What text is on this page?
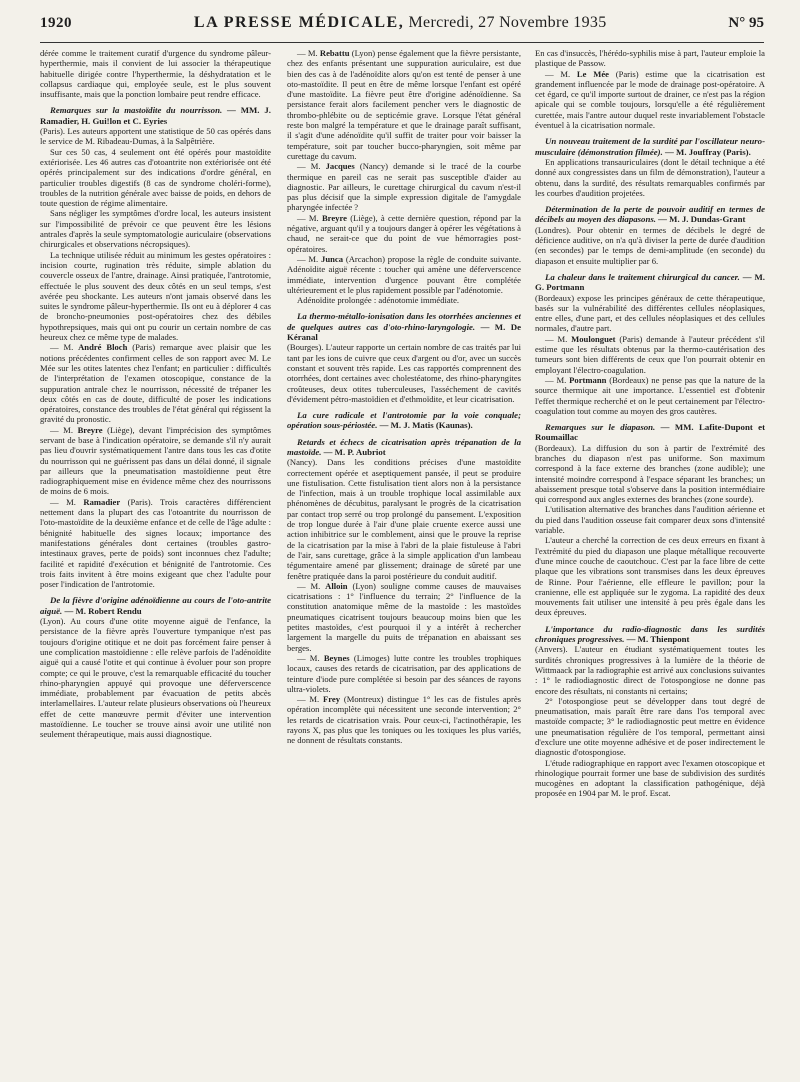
1920	LA PRESSE MÉDICALE, Mercredi, 27 Novembre 1935	N° 95

dérée comme le traitement curatif d'urgence du syndrome pâleur-hyperthermie, mais il convient de lui associer la thérapeutique habituelle dirigée contre l'hyperthermie, la déshydratation et le collapsus cardiaque qui, employée seule, est le plus souvent insuffisante, mais que la ponction lombaire peut rendre efficace.

Remarques sur la mastoïdite du nourrisson. — MM. J. Ramadier, H. Gui!lon et C. Eyries

(Paris). Les auteurs apportent une statistique de 50 cas opérés dans le service de M. Ribadeau-Dumas, à la Salpêtrière.

Sur ces 50 cas, 4 seulement ont été opérés pour mastoïdite extériorisée. Les 46 autres cas d'otoantrite non extériorisée ont été opérés principalement sur des indications d'ordre général, en particulier troubles digestifs (8 cas de syndrome choléri-forme), troubles de la nutrition générale avec baisse de poids, en dehors de toute question de régime alimentaire.

Sans négliger les symptômes d'ordre local, les auteurs insistent sur l'impossibilité de prévoir ce que peuvent être les lésions antrales d'après la seule symptomatologie auriculaire (observations chirurgicales et observations nécropsiques).

La technique utilisée réduit au minimum les gestes opératoires : incision courte, rugination très réduite, simple ablation du couvercle osseux de l'antre, drainage. Ainsi pratiquée, l'antrotomie, effectuée le plus souvent des deux côtés en un seul temps, s'est avérée peu shockante. Les auteurs n'ont jamais observé dans les suites le syndrome pâleur-hyperthermie. Ils ont eu à déplorer 4 cas de broncho-pneumonies post-opératoires chez des débiles hypothrepsiques, mais qui ont pu courir un certain nombre de cas heureux chez ce même type de malades.

— M. André Bloch (Paris) remarque avec plaisir que les notions précédentes confirment celles de son rapport avec M. Le Mée sur les otites latentes chez l'enfant; en particulier : difficultés de l'interprétation de l'examen otoscopique, constance de la suppuration antrale chez le nourrisson, nécessité de trépaner les deux côtés en cas de doute, difficulté de poser les indications opératoires, constance des troubles de l'état général qui régissent la gravité du pronostic.

— M. Breyre (Liège), devant l'imprécision des symptômes servant de base à l'indication opératoire, se demande s'il n'y aurait pas lieu d'ouvrir systématiquement l'antre dans tous les cas d'otite du nourrisson qui ne guérissent pas dans un délai donné, il signale par ailleurs que la pneumatisation mastoïdienne peut être radiographiquement mise en évidence même chez des nourrissons de moins de 6 mois.

— M. Ramadier (Paris). Trois caractères différencient nettement dans la plupart des cas l'otoantrite du nourrisson de l'oto-mastoïdite de la deuxième enfance et de celle de l'âge adulte : bénignité habituelle des signes locaux; importance des manifestations générales dont certaines (troubles gastro-intestinaux graves, perte de poids) sont inconnues chez l'adulte; facilité et rapidité d'exécution et bénignité de l'antrotomie. Ces trois faits invitent à être moins exigeant que chez l'adulte pour poser l'indication de l'antrotomie.

De la fièvre d'origine adénoïdienne au cours de l'oto-antrite aiguë. — M. Robert Rendu

(Lyon). Au cours d'une otite moyenne aiguë de l'enfance, la persistance de la fièvre après l'ouverture tympanique n'est pas toujours d'origine otitique et ne doit pas forcément faire penser à une complication mastoïdienne : elle relève parfois de l'adénoïdite aiguë qui a causé l'otite et qui continue à évoluer pour son propre compte; ce qui le prouve, c'est la remarquable efficacité du toucher rhino-pharyngien appuyé qui provoque une déferverscence immédiate, probablement par évacuation de petits abcès interlamellaires. L'auteur relate plusieurs observations où l'heureux effet de cette manœuvre permit d'éviter une intervention mastoïdienne. Le toucher se trouve ainsi avoir une utilité non seulement thérapeutique, mais aussi diagnostique.

— M. Rebattu (Lyon) pense également que la fièvre persistante, chez des enfants présentant une suppuration auriculaire, est due bien des cas à de l'adénoïdite alors qu'on est tenté de penser à une oto-mastoïdite. Il peut en être de même lorsque l'enfant est opéré d'une mastoïdite. La fièvre peut être d'origine adénoïdienne. Sa persistance ferait alors facilement pencher vers le diagnostic de thrombo-phlébite ou de septicémie grave. Lorsque l'état général reste bon malgré la température et que le drainage paraît suffisant, il s'agit d'une adénoïdite qu'il suffit de traiter pour voir baisser la température, soit par toucher bucco-pharyngien, soit même par curettage du cavum.

— M. Jacques (Nancy) demande si le tracé de la courbe thermique en pareil cas ne serait pas susceptible d'aider au diagnostic. Par ailleurs, le curettage chirurgical du cavum n'est-il pas plus décisif que la simple expression digitale de l'amygdale pharyngée infectée ?

— M. Breyre (Liège), à cette dernière question, répond par la négative, arguant qu'il y a toujours danger à opérer les végétations à chaud, ne serait-ce que du point de vue hémorragies post-opératoires.

— M. Junca (Arcachon) propose la règle de conduite suivante. Adénoïdite aiguë récente : toucher qui amène une déferverscence immédiate, intervention d'urgence pouvant être complétée ultérieurement et le plus rapidement possible par l'adénotomie.

Adénoïdite prolongée : adénotomie immédiate.

La thermo-métallo-ionisation dans les otorrhées anciennes et de quelques autres cas d'oto-rhino-laryngologie. — M. De Kéranal

(Bourges). L'auteur rapporte un certain nombre de cas traités par lui tant par les ions de cuivre que ceux d'argent ou d'or, avec un succès constant et souvent très rapide. Les cas rapportés comprennent des otorrhées, dont certaines avec cholestéatome, des rhino-pharyngites croûteuses, deux otites tuberculeuses, l'asséchement de cavités d'évidement pétro-mastoïdien et d'ethmoïdite, et leur cicatrisation.

La cure radicale et l'antrotomie par la voie conquale; opération sous-périostée. — M. J. Matis (Kaunas).
Retards et échecs de cicatrisation après trépanation de la mastoïde. — M. P. Aubriot

(Nancy). Dans les conditions précises d'une mastoïdite correctement opérée et aseptiquement pansée, il peut se produire une fistulisation. Cette fistulisation tient alors non à la persistance de l'infection, mais à un trouble trophique local assimilable aux phénomènes de décubitus, paralysant le progrès de la cicatrisation par contact trop serré ou trop prolongé du pansement. L'exposition de trop longue durée à l'air d'une plaie cruente exerce aussi une action inhibitrice sur le comblement, ainsi que le prouve la reprise de la cicatrisation par la mise à l'abri de la plaie fistuleuse à l'abri de l'air, sans curettage, grâce à la simple application d'un lambeau tégumentaire amené par glissement; drainage de sûreté par une fenêtre pratiquée dans la paroi postérieure du conduit auditif.

— M. Alloin (Lyon) souligne comme causes de mauvaises cicatrisations : 1° l'influence du terrain; 2° l'influence de la constitution anatomique même de la mastoïde : les mastoïdes pneumatiques cicatrisent toujours beaucoup moins bien que les petites mastoïdes, c'est pourquoi il y a intérêt à rechercher largement la margelle du puits de trépanation en abaissant ses berges.

— M. Beynes (Limoges) lutte contre les troubles trophiques locaux, causes des retards de cicatrisation, par des applications de teinture d'iode pure complétée si besoin par des séances de rayons ultra-violets.

— M. Frey (Montreux) distingue 1° les cas de fistules après opération incomplète qui nécessitent une seconde intervention; 2° les retards de cicatrisation vrais. Pour ceux-ci, l'actinothérapie, les rayons X, pas plus que les toniques ou les toxiques les plus variés, ne donnent de résultats constants.

En cas d'insuccès, l'hérédo-syphilis mise à part, l'auteur emploie la plastique de Passow.

— M. Le Mée (Paris) estime que la cicatrisation est grandement influencée par le mode de drainage post-opératoire. A cet égard, ce qu'il importe surtout de drainer, ce n'est pas la région apicale qui se comble toujours, lorsqu'elle a été régulièrement curettée, mais l'antre autour duquel reste invariablement l'obstacle éventuel à la cicatrisation normale.

Un nouveau traitement de la surdité par l'oscillateur neuro-musculaire (démonstration filmée). — M. Jouffray (Paris).

En applications transauriculaires (dont le détail technique a été donné aux congressistes dans un film de démonstration), l'auteur a obtenu, dans la surdité, des résultats remarquables confirmés par les courbes d'audition projetées.

Détermination de la perte de pouvoir auditif en termes de décibels au moyen des diapasons. — M. J. Dundas-Grant

(Londres). Pour obtenir en termes de décibels le degré de déficience auditive, on n'a qu'à diviser la perte de durée d'audition (en secondes) par le temps de demi-amplitude (en seconde) du diapason et ensuite multiplier par 6.

La chaleur dans le traitement chirurgical du cancer. — M. G. Portmann

(Bordeaux) expose les principes généraux de cette thérapeutique, basés sur la vulnérabilité des différentes cellules néoplasiques, entre elles, d'une part, et des cellules néoplasiques et des cellules normales, d'autre part.

— M. Moulonguet (Paris) demande à l'auteur précédent s'il estime que les résultats obtenus par la thermo-cautérisation des tumeurs sont bien différents de ceux que l'on pourrait obtenir en employant l'électro-coagulation.

— M. Portmann (Bordeaux) ne pense pas que la nature de la source thermique ait une importance. L'essentiel est d'obtenir l'effet thermique recherché et on le peut certainement par l'électro-coagulation tout comme au moyen des gros cautères.

Remarques sur le diapason. — MM. Lafite-Dupont et Roumaillac

(Bordeaux). La diffusion du son à partir de l'extrémité des branches du diapason n'est pas uniforme. Son maximum correspond à la face externe des branches (zone audible); une intensité moindre correspond à l'espace séparant les branches; un abaissement presque total s'observe dans la position intermédiaire qui correspond aux angles externes des branches (zone sourde).

L'utilisation alternative des branches dans l'audition aérienne et du pied dans l'audition osseuse fait comparer deux sons d'intensité variable.

L'auteur a cherché la correction de ces deux erreurs en fixant à l'extrémité du pied du diapason une plaque métallique recouverte d'une mince couche de caoutchouc. C'est par la face libre de cette plaque que les vibrations sont transmises dans les deux épreuves de Rinne. Pour l'aérienne, elle effleure le pavillon; pour la cranienne, elle est appliquée sur le zygoma. La rapidité des deux mouvements fait utiliser une intensité à peu près égale dans les deux épreuves.

L'importance du radio-diagnostic dans les surdités chroniques progressives. — M. Thienpont

(Anvers). L'auteur en étudiant systématiquement toutes les surdités chroniques progressives à la lumière de la théorie de Wittmaack par la radiographie est arrivé aux conclusions suivantes : 1° le radiodiagnostic direct de l'otospongiose ne donne pas encore des résultats, ni constants ni certains;

2° l'otospongiose peut se développer dans tout degré de pneumatisation, mais paraît être rare dans l'os temporal avec mastoïde compacte; 3° le radiodiagnostic peut mettre en évidence une pneumatisation régulière de l'os temporal, permettant ainsi d'exclure une otite moyenne adhésive et de poser indirectement le diagnostic d'otospongiose.

L'étude radiographique en rapport avec l'examen otoscopique et rhinologique pourrait former une base de subdivision des surdités mucogènes en adoptant la classification pathogénique, déjà proposée en 1904 par M. le prof. Escat.
